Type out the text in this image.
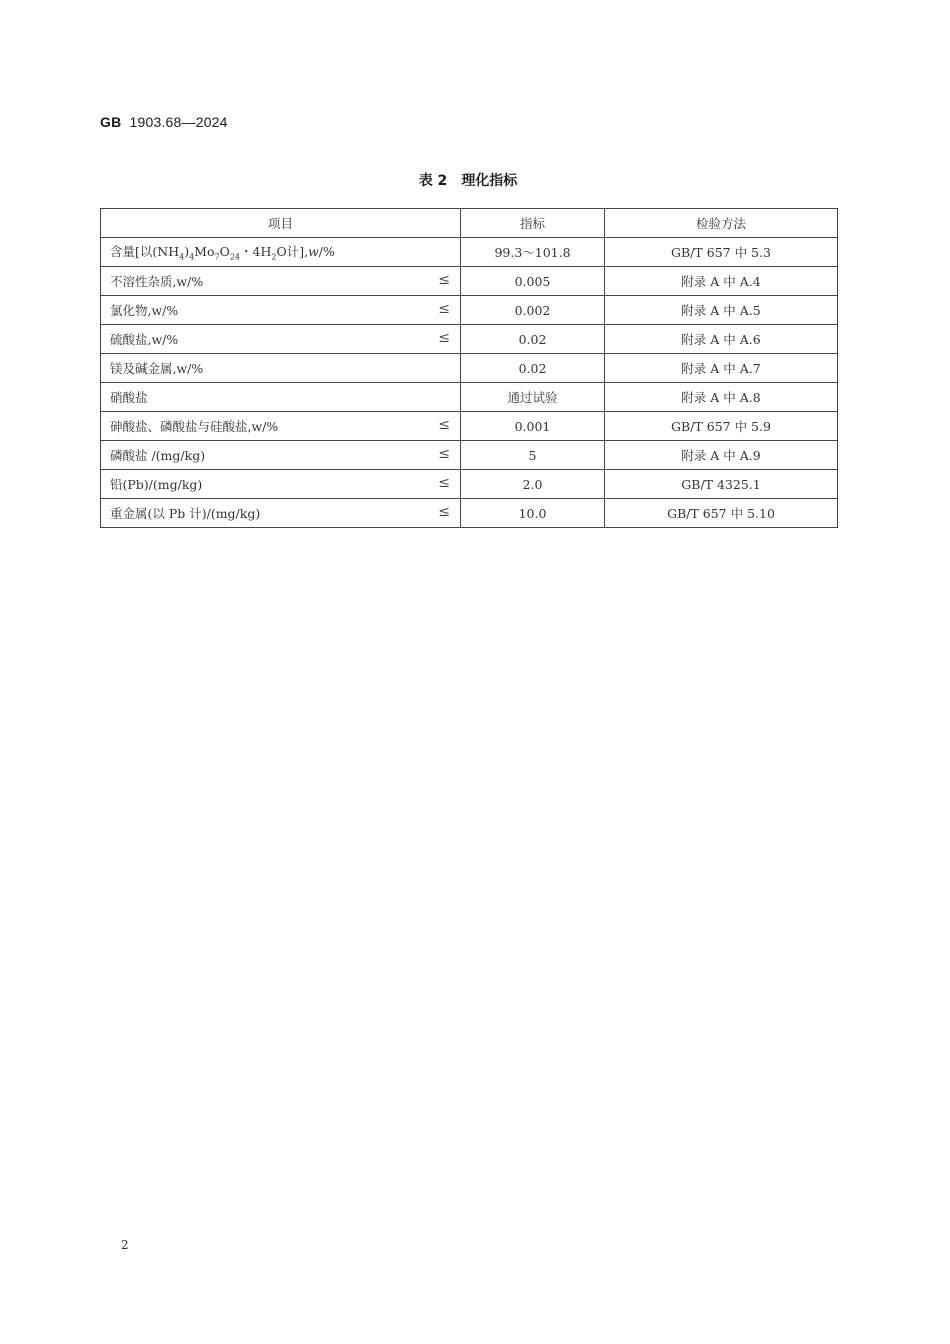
GB 1903.68—2024
表 2 理化指标
项目	指标	检验方法
含量[以$(NH_4)_4Mo_7O_{24}$・$4H_2O$计],w/%	99.3～101.8	GB/T 657 中 5.3
不溶性杂质,w/% ≤	0.005	附录 A 中 A.4
氯化物,w/% ≤	0.002	附录 A 中 A.5
硫酸盐,w/% ≤	0.02	附录 A 中 A.6
镁及碱金属,w/%	0.02	附录 A 中 A.7
硝酸盐	通过试验	附录 A 中 A.8
砷酸盐、磷酸盐与硅酸盐,w/% ≤	0.001	GB/T 657 中 5.9
磷酸盐 /(mg/kg) ≤	5	附录 A 中 A.9
铅(Pb)/(mg/kg) ≤	2.0	GB/T 4325.1
重金属(以 Pb 计)/(mg/kg) ≤	10.0	GB/T 657 中 5.10
2
